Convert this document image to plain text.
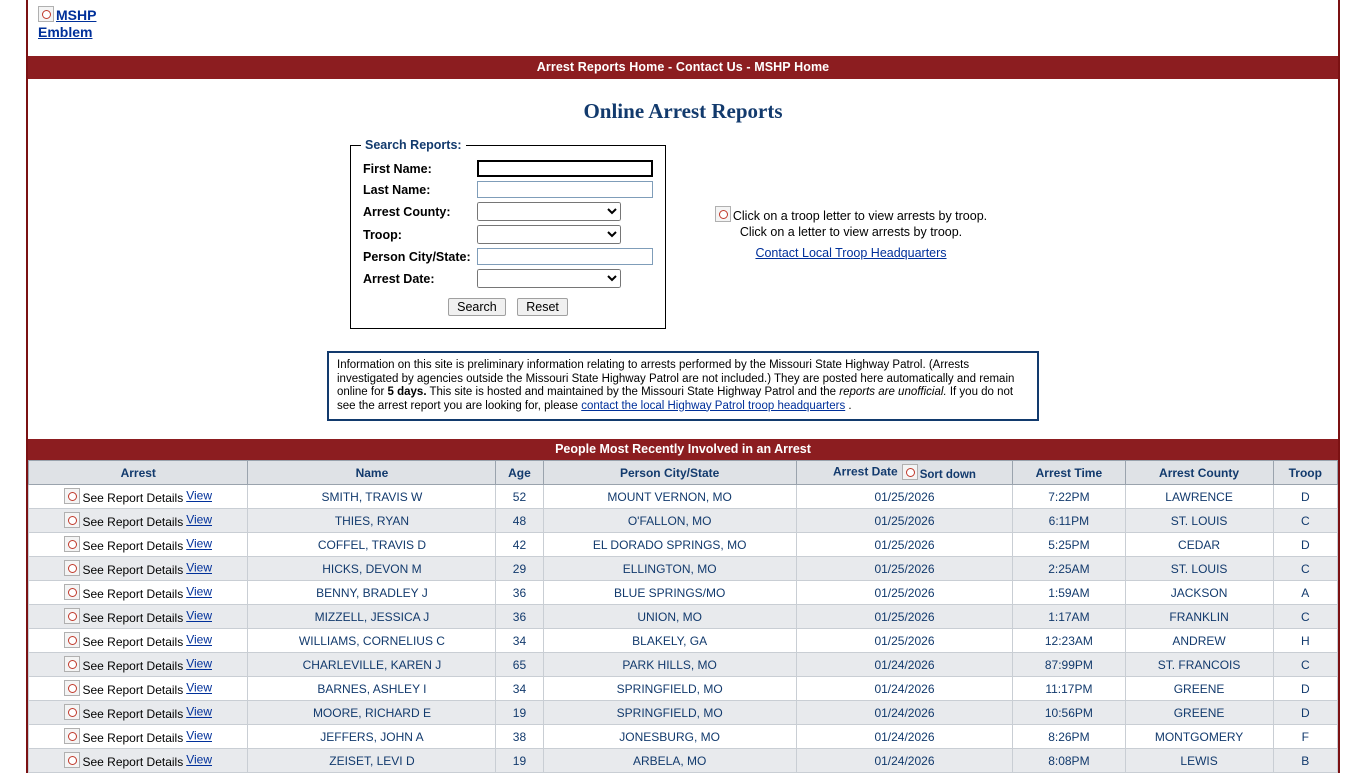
MSHP Emblem
Arrest Reports Home - Contact Us - MSHP Home
Online Arrest Reports
Search Reports:
First Name:	
Last Name:	
Arrest County:	

Troop:	

Person City/State:	
Arrest Date:	

Search Reset	
Click on a troop letter to view arrests by troop.
Click on a letter to view arrests by troop.
Contact Local Troop Headquarters
Information on this site is preliminary information relating to arrests performed by the Missouri State Highway Patrol. (Arrests investigated by agencies outside the Missouri State Highway Patrol are not included.) They are posted here automatically and remain online for 5 days. This site is hosted and maintained by the Missouri State Highway Patrol and the reports are unofficial. If you do not see the arrest report you are looking for, please contact the local Highway Patrol troop headquarters .
People Most Recently Involved in an Arrest
Arrest	Name	Age	Person City/State	Arrest Date Sort down	Arrest Time	Arrest County	Troop
See Report Details View	SMITH, TRAVIS W	52	MOUNT VERNON, MO	01/25/2026	7:22PM	LAWRENCE	D
See Report Details View	THIES, RYAN	48	O'FALLON, MO	01/25/2026	6:11PM	ST. LOUIS	C
See Report Details View	COFFEL, TRAVIS D	42	EL DORADO SPRINGS, MO	01/25/2026	5:25PM	CEDAR	D
See Report Details View	HICKS, DEVON M	29	ELLINGTON, MO	01/25/2026	2:25AM	ST. LOUIS	C
See Report Details View	BENNY, BRADLEY J	36	BLUE SPRINGS/MO	01/25/2026	1:59AM	JACKSON	A
See Report Details View	MIZZELL, JESSICA J	36	UNION, MO	01/25/2026	1:17AM	FRANKLIN	C
See Report Details View	WILLIAMS, CORNELIUS C	34	BLAKELY, GA	01/25/2026	12:23AM	ANDREW	H
See Report Details View	CHARLEVILLE, KAREN J	65	PARK HILLS, MO	01/24/2026	87:99PM	ST. FRANCOIS	C
See Report Details View	BARNES, ASHLEY I	34	SPRINGFIELD, MO	01/24/2026	11:17PM	GREENE	D
See Report Details View	MOORE, RICHARD E	19	SPRINGFIELD, MO	01/24/2026	10:56PM	GREENE	D
See Report Details View	JEFFERS, JOHN A	38	JONESBURG, MO	01/24/2026	8:26PM	MONTGOMERY	F
See Report Details View	ZEISET, LEVI D	19	ARBELA, MO	01/24/2026	8:08PM	LEWIS	B
